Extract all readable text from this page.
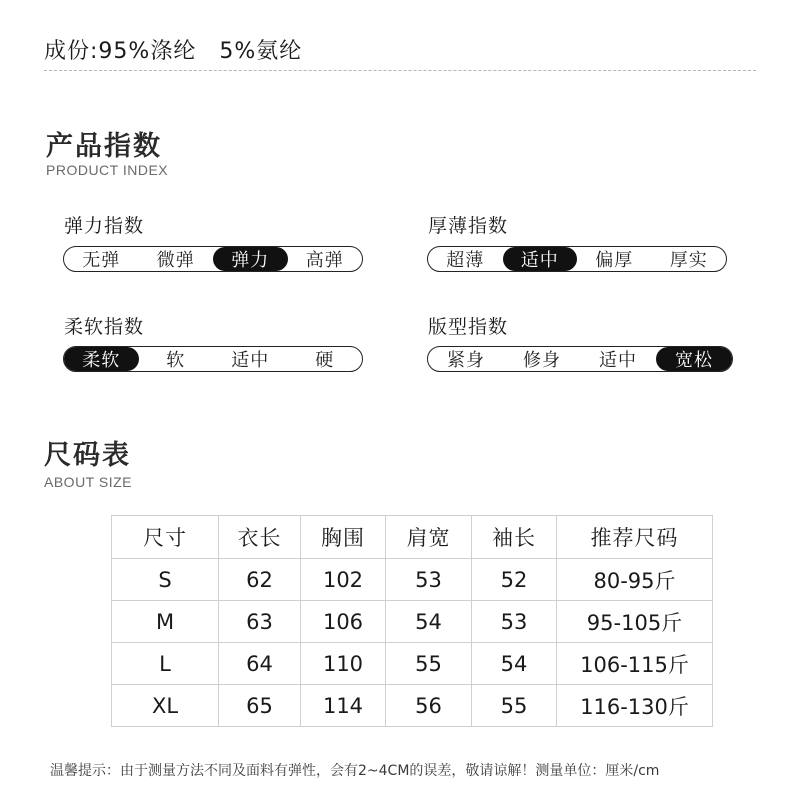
成份:95%涤纶　5%氨纶
产品指数
PRODUCT INDEX
弹力指数
无弹	微弹	弹力	高弹
厚薄指数
超薄	适中	偏厚	厚实
柔软指数
柔软	软	适中	硬
版型指数
紧身	修身	适中	宽松
尺码表
ABOUT SIZE
尺寸	衣长	胸围	肩宽	袖长	推荐尺码
S	62	102	53	52	80-95斤
M	63	106	54	53	95-105斤
L	64	110	55	54	106-115斤
XL	65	114	56	55	116-130斤
温馨提示：由于测量方法不同及面料有弹性，会有2~4CM的误差，敬请谅解！测量单位：厘米/cm
